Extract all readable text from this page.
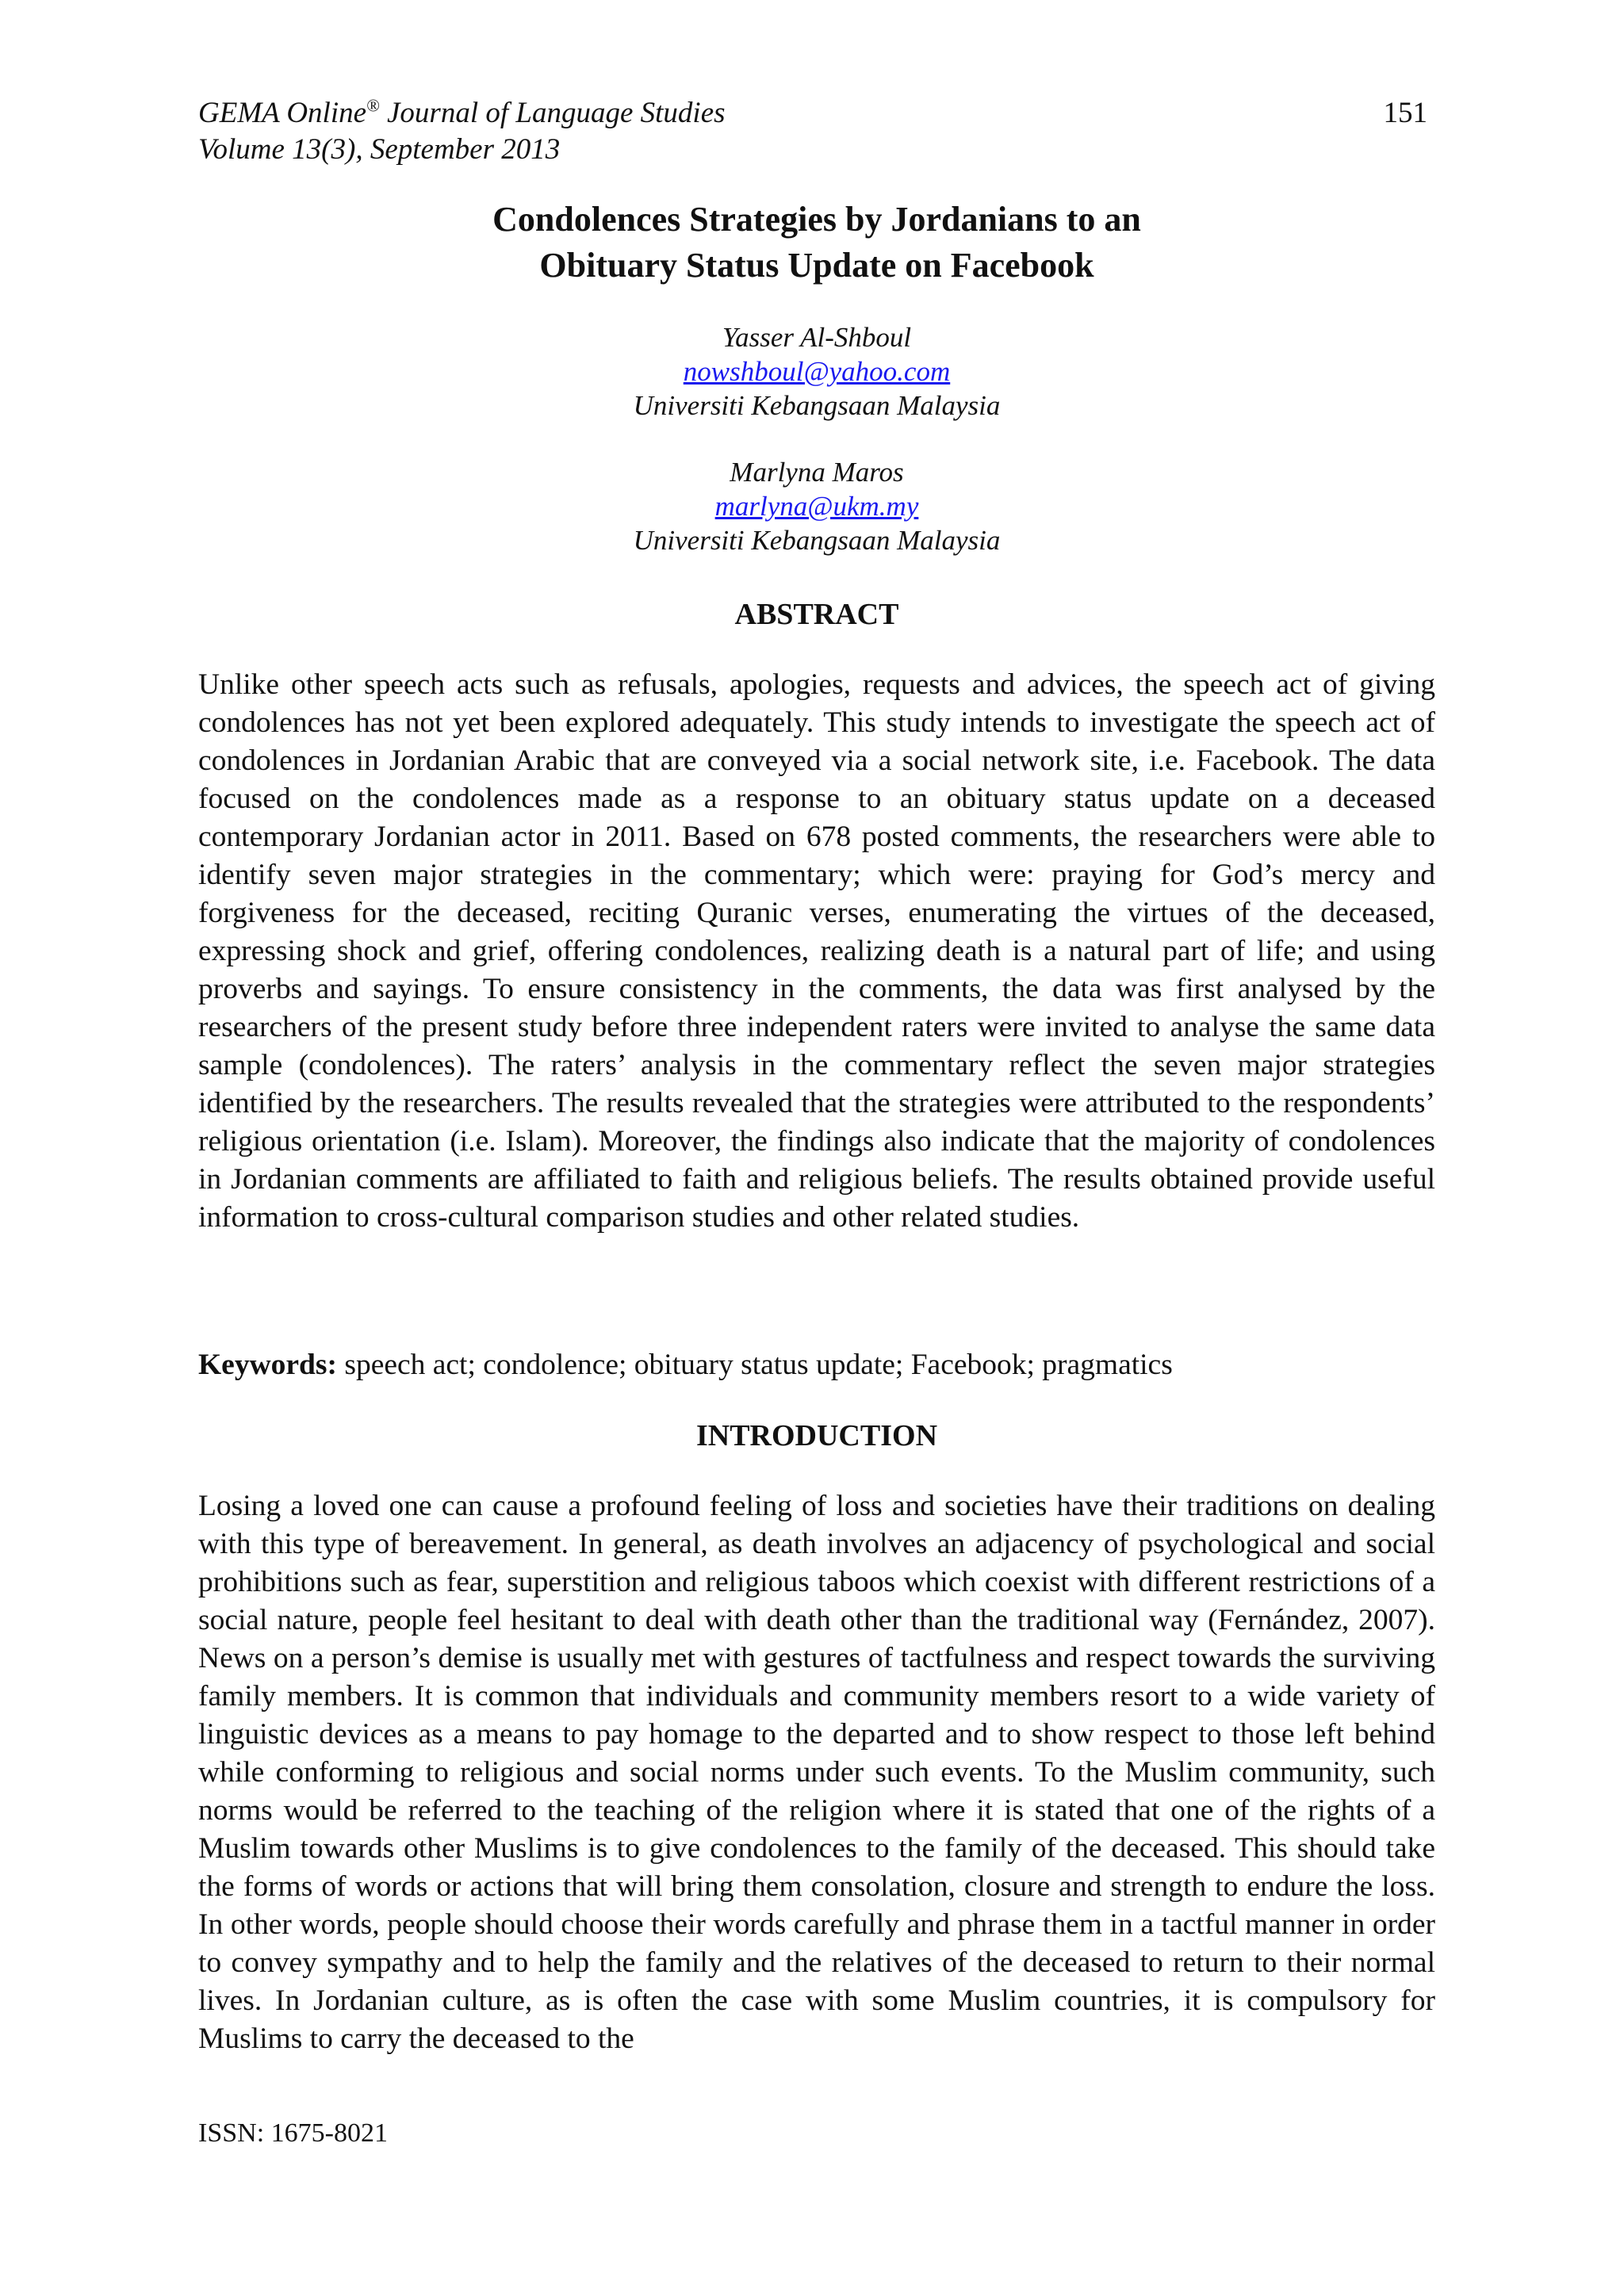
GEMA Online® Journal of Language Studies
Volume 13(3), September 2013
151
Condolences Strategies by Jordanians to an
Obituary Status Update on Facebook
Yasser Al-Shboul
nowshboul@yahoo.com
Universiti Kebangsaan Malaysia
Marlyna Maros
marlyna@ukm.my
Universiti Kebangsaan Malaysia
ABSTRACT
Unlike other speech acts such as refusals, apologies, requests and advices, the speech act of giving condolences has not yet been explored adequately. This study intends to investigate the speech act of condolences in Jordanian Arabic that are conveyed via a social network site, i.e. Facebook. The data focused on the condolences made as a response to an obituary status update on a deceased contemporary Jordanian actor in 2011. Based on 678 posted comments, the researchers were able to identify seven major strategies in the commentary; which were: praying for God’s mercy and forgiveness for the deceased, reciting Quranic verses, enumerating the virtues of the deceased, expressing shock and grief, offering condolences, realizing death is a natural part of life; and using proverbs and sayings. To ensure consistency in the comments, the data was first analysed by the researchers of the present study before three independent raters were invited to analyse the same data sample (condolences). The raters’ analysis in the commentary reflect the seven major strategies identified by the researchers. The results revealed that the strategies were attributed to the respondents’ religious orientation (i.e. Islam). Moreover, the findings also indicate that the majority of condolences in Jordanian comments are affiliated to faith and religious beliefs. The results obtained provide useful information to cross-cultural comparison studies and other related studies.
Keywords: speech act; condolence; obituary status update; Facebook; pragmatics
INTRODUCTION
Losing a loved one can cause a profound feeling of loss and societies have their traditions on dealing with this type of bereavement. In general, as death involves an adjacency of psychological and social prohibitions such as fear, superstition and religious taboos which coexist with different restrictions of a social nature, people feel hesitant to deal with death other than the traditional way (Fernández, 2007). News on a person’s demise is usually met with gestures of tactfulness and respect towards the surviving family members. It is common that individuals and community members resort to a wide variety of linguistic devices as a means to pay homage to the departed and to show respect to those left behind while conforming to religious and social norms under such events. To the Muslim community, such norms would be referred to the teaching of the religion where it is stated that one of the rights of a Muslim towards other Muslims is to give condolences to the family of the deceased. This should take the forms of words or actions that will bring them consolation, closure and strength to endure the loss. In other words, people should choose their words carefully and phrase them in a tactful manner in order to convey sympathy and to help the family and the relatives of the deceased to return to their normal lives. In Jordanian culture, as is often the case with some Muslim countries, it is compulsory for Muslims to carry the deceased to the
ISSN: 1675-8021
